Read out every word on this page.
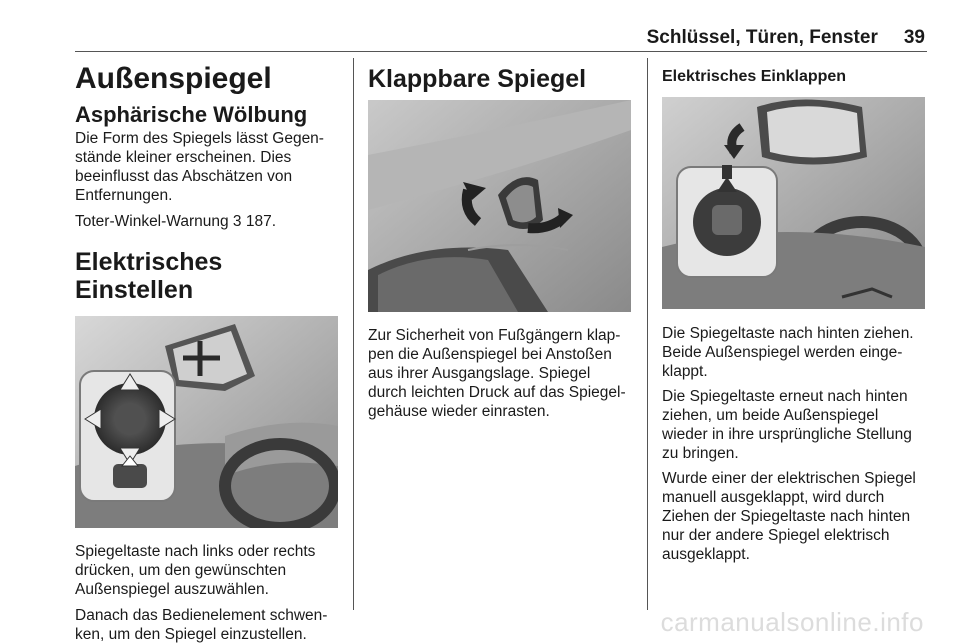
Schlüssel, Türen, Fenster 39
Außenspiegel
Asphärische Wölbung

Die Form des Spiegels lässt Gegen-
stände kleiner erscheinen. Dies
beeinflusst das Abschätzen von
Entfernungen.

Toter-Winkel-Warnung 3 187.

Elektrisches Einstellen

Spiegeltaste nach links oder rechts
drücken, um den gewünschten
Außenspiegel auszuwählen.

Danach das Bedienelement schwen-
ken, um den Spiegel einzustellen.

Klappbare Spiegel

Zur Sicherheit von Fußgängern klap-
pen die Außenspiegel bei Anstoßen
aus ihrer Ausgangslage. Spiegel
durch leichten Druck auf das Spiegel-
gehäuse wieder einrasten.

Elektrisches Einklappen

Die Spiegeltaste nach hinten ziehen.
Beide Außenspiegel werden einge-
klappt.

Die Spiegeltaste erneut nach hinten
ziehen, um beide Außenspiegel
wieder in ihre ursprüngliche Stellung
zu bringen.

Wurde einer der elektrischen Spiegel
manuell ausgeklappt, wird durch
Ziehen der Spiegeltaste nach hinten
nur der andere Spiegel elektrisch
ausgeklappt.

carmanualsonline.info
